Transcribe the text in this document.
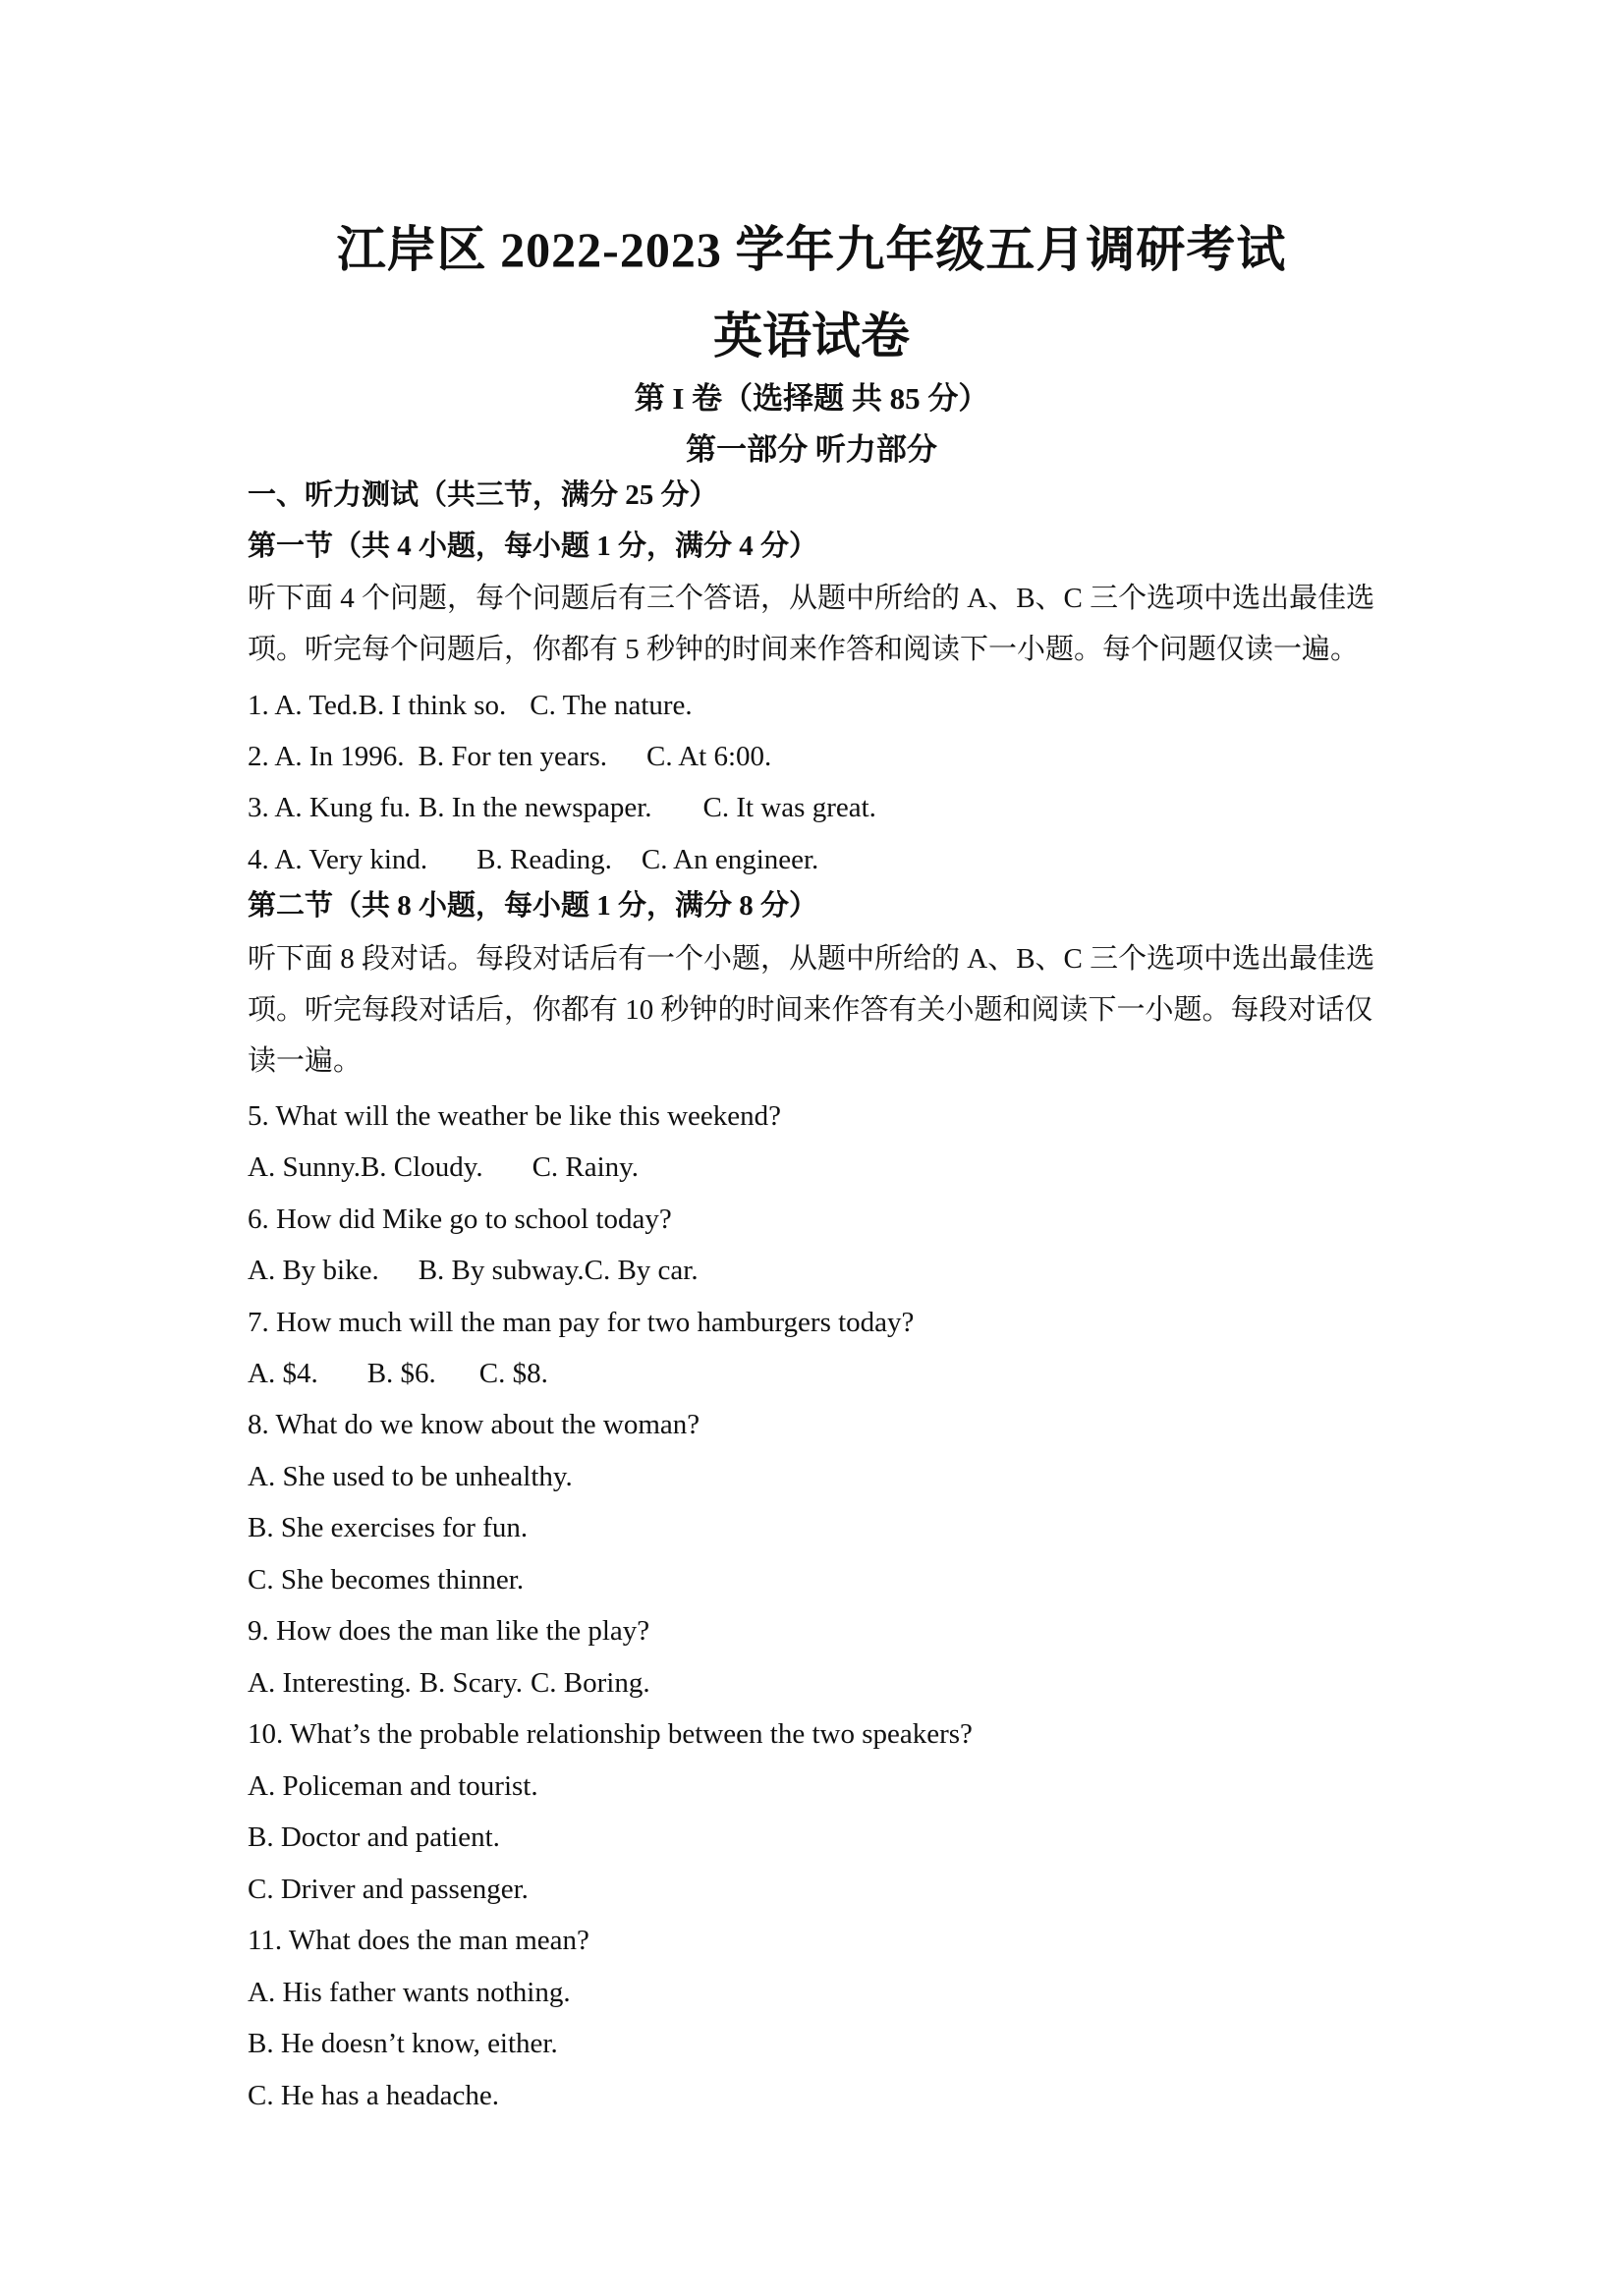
江岸区 2022-2023 学年九年级五月调研考试
英语试卷
第 I 卷（选择题 共 85 分）
第一部分 听力部分
一、听力测试（共三节，满分 25 分）
第一节（共 4 小题，每小题 1 分，满分 4 分）
听下面 4 个问题，每个问题后有三个答语，从题中所给的 A、B、C 三个选项中选出最佳选
项。听完每个问题后，你都有 5 秒钟的时间来作答和阅读下一小题。每个问题仅读一遍。
1. A. Ted.B. I think so. C. The nature.
2. A. In 1996. B. For ten years. C. At 6:00.
3. A. Kung fu. B. In the newspaper. C. It was great.
4. A. Very kind. B. Reading. C. An engineer.
第二节（共 8 小题，每小题 1 分，满分 8 分）
听下面 8 段对话。每段对话后有一个小题，从题中所给的 A、B、C 三个选项中选出最佳选
项。听完每段对话后，你都有 10 秒钟的时间来作答有关小题和阅读下一小题。每段对话仅
读一遍。
5. What will the weather be like this weekend?
A. Sunny.B. Cloudy. C. Rainy.
6. How did Mike go to school today?
A. By bike. B. By subway.C. By car.
7. How much will the man pay for two hamburgers today?
A. $4. B. $6. C. $8.
8. What do we know about the woman?
A. She used to be unhealthy.
B. She exercises for fun.
C. She becomes thinner.
9. How does the man like the play?
A. Interesting. B. Scary. C. Boring.
10. What’s the probable relationship between the two speakers?
A. Policeman and tourist.
B. Doctor and patient.
C. Driver and passenger.
11. What does the man mean?
A. His father wants nothing.
B. He doesn’t know, either.
C. He has a headache.
